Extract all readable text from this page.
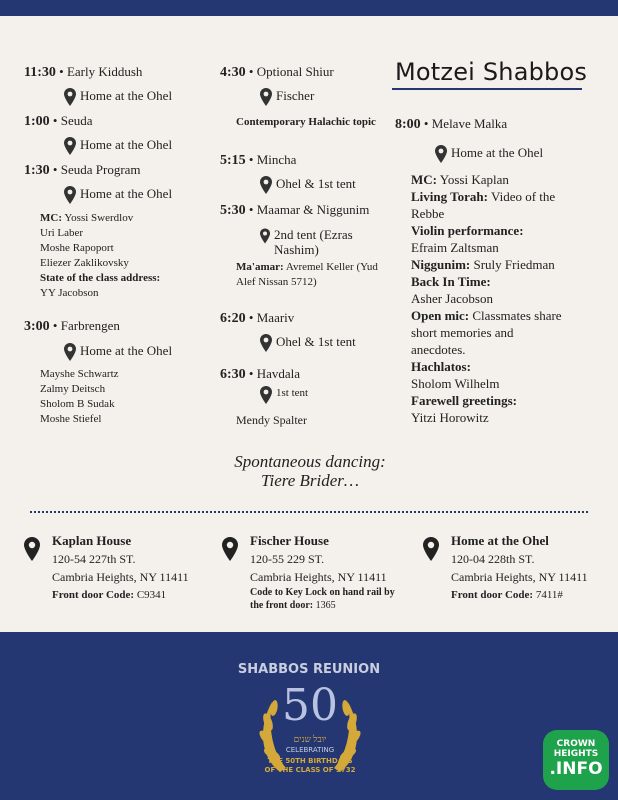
11:30 • Early Kiddush
Home at the Ohel
1:00 • Seuda
Home at the Ohel
1:30 • Seuda Program
Home at the Ohel
MC: Yossi Swerdlov
Uri Laber
Moshe Rapoport
Eliezer Zaklikovsky
State of the class address:
YY Jacobson
3:00 • Farbrengen
Home at the Ohel
Mayshe Schwartz
Zalmy Deitsch
Sholom B Sudak
Moshe Stiefel
4:30 • Optional Shiur
Fischer
Contemporary Halachic topic
5:15 • Mincha
Ohel & 1st tent
5:30 • Maamar & Niggunim
2nd tent (Ezras Nashim)
Ma'amar: Avremel Keller (Yud Alef Nissan 5712)
6:20 • Maariv
Ohel & 1st tent
6:30 • Havdala
1st tent
Mendy Spalter
Motzei Shabbos
8:00 • Melave Malka
Home at the Ohel
MC: Yossi Kaplan
Living Torah: Video of the Rebbe
Violin performance:
Efraim Zaltsman
Niggunim: Sruly Friedman
Back In Time:
Asher Jacobson
Open mic: Classmates share short memories and anecdotes.
Hachlatos:
Sholom Wilhelm
Farewell greetings:
Yitzi Horowitz
Spontaneous dancing:
Tiere Brider…
Kaplan House
120-54 227th ST.
Cambria Heights, NY 11411
Front door Code: C9341
Fischer House
120-55 229 ST.
Cambria Heights, NY 11411
Code to Key Lock on hand rail by the front door: 1365
Home at the Ohel
120-04 228th ST.
Cambria Heights, NY 11411
Front door Code: 7411#
SHABBOS REUNION
50
יובל שנים
CELEBRATING
THE 50TH BIRTHDAYS
OF THE CLASS OF 5732
CROWN
HEIGHTS
.INFO
